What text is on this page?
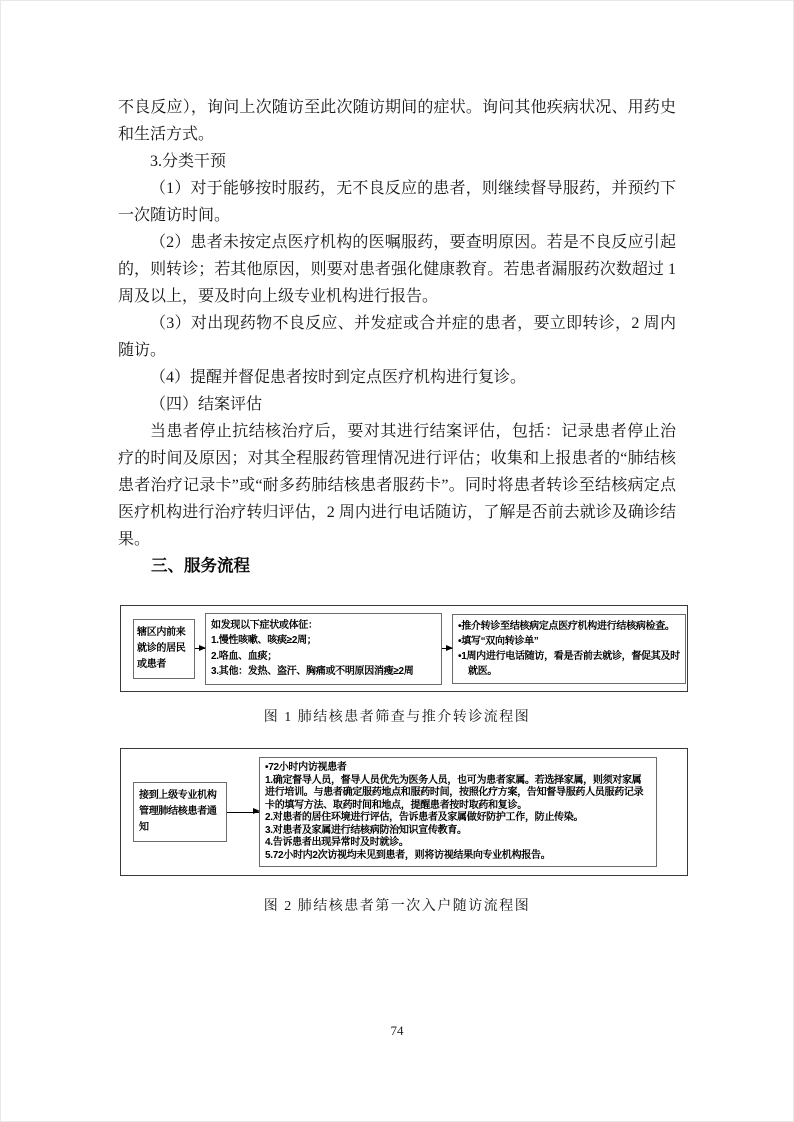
不良反应），询问上次随访至此次随访期间的症状。询问其他疾病状况、用药史和生活方式。
3.分类干预
（1）对于能够按时服药，无不良反应的患者，则继续督导服药，并预约下一次随访时间。
（2）患者未按定点医疗机构的医嘱服药，要查明原因。若是不良反应引起的，则转诊；若其他原因，则要对患者强化健康教育。若患者漏服药次数超过 1 周及以上，要及时向上级专业机构进行报告。
（3）对出现药物不良反应、并发症或合并症的患者，要立即转诊，2 周内随访。
（4）提醒并督促患者按时到定点医疗机构进行复诊。
（四）结案评估
当患者停止抗结核治疗后，要对其进行结案评估，包括：记录患者停止治疗的时间及原因；对其全程服药管理情况进行评估；收集和上报患者的“肺结核患者治疗记录卡”或“耐多药肺结核患者服药卡”。同时将患者转诊至结核病定点医疗机构进行治疗转归评估，2 周内进行电话随访，了解是否前去就诊及确诊结果。
三、服务流程
辖区内前来就诊的居民或患者
如发现以下症状或体征：
1.慢性咳嗽、咳痰≥2周；
2.咯血、血痰；
3.其他：发热、盗汗、胸痛或不明原因消瘦≥2周
•推介转诊至结核病定点医疗机构进行结核病检查。
•填写“双向转诊单”
•1周内进行电话随访，看是否前去就诊，督促其及时就医。
图 1 肺结核患者筛查与推介转诊流程图
接到上级专业机构管理肺结核患者通知
•72小时内访视患者
1.确定督导人员，督导人员优先为医务人员，也可为患者家属。若选择家属，则须对家属进行培训。与患者确定服药地点和服药时间，按照化疗方案，告知督导服药人员服药记录卡的填写方法、取药时间和地点，提醒患者按时取药和复诊。
2.对患者的居住环境进行评估，告诉患者及家属做好防护工作，防止传染。
3.对患者及家属进行结核病防治知识宣传教育。
4.告诉患者出现异常时及时就诊。
5.72小时内2次访视均未见到患者，则将访视结果向专业机构报告。
图 2 肺结核患者第一次入户随访流程图
74
